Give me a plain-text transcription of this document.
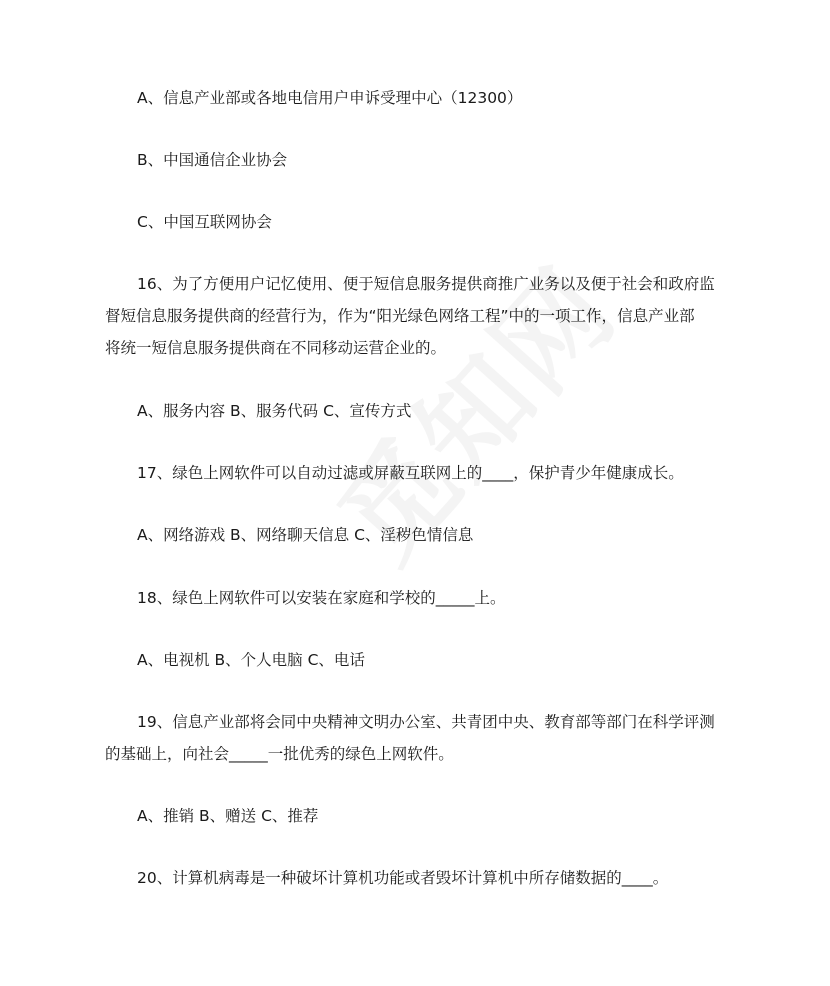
A、信息产业部或各地电信用户申诉受理中心（12300）
B、中国通信企业协会
C、中国互联网协会
16、为了方便用户记忆使用、便于短信息服务提供商推广业务以及便于社会和政府监
督短信息服务提供商的经营行为，作为“阳光绿色网络工程”中的一项工作，信息产业部
将统一短信息服务提供商在不同移动运营企业的。
A、服务内容 B、服务代码 C、宣传方式
17、绿色上网软件可以自动过滤或屏蔽互联网上的____，保护青少年健康成长。
A、网络游戏 B、网络聊天信息 C、淫秽色情信息
18、绿色上网软件可以安装在家庭和学校的_____上。
A、电视机 B、个人电脑 C、电话
19、信息产业部将会同中央精神文明办公室、共青团中央、教育部等部门在科学评测
的基础上，向社会_____一批优秀的绿色上网软件。
A、推销 B、赠送 C、推荐
20、计算机病毒是一种破坏计算机功能或者毁坏计算机中所存储数据的____。
